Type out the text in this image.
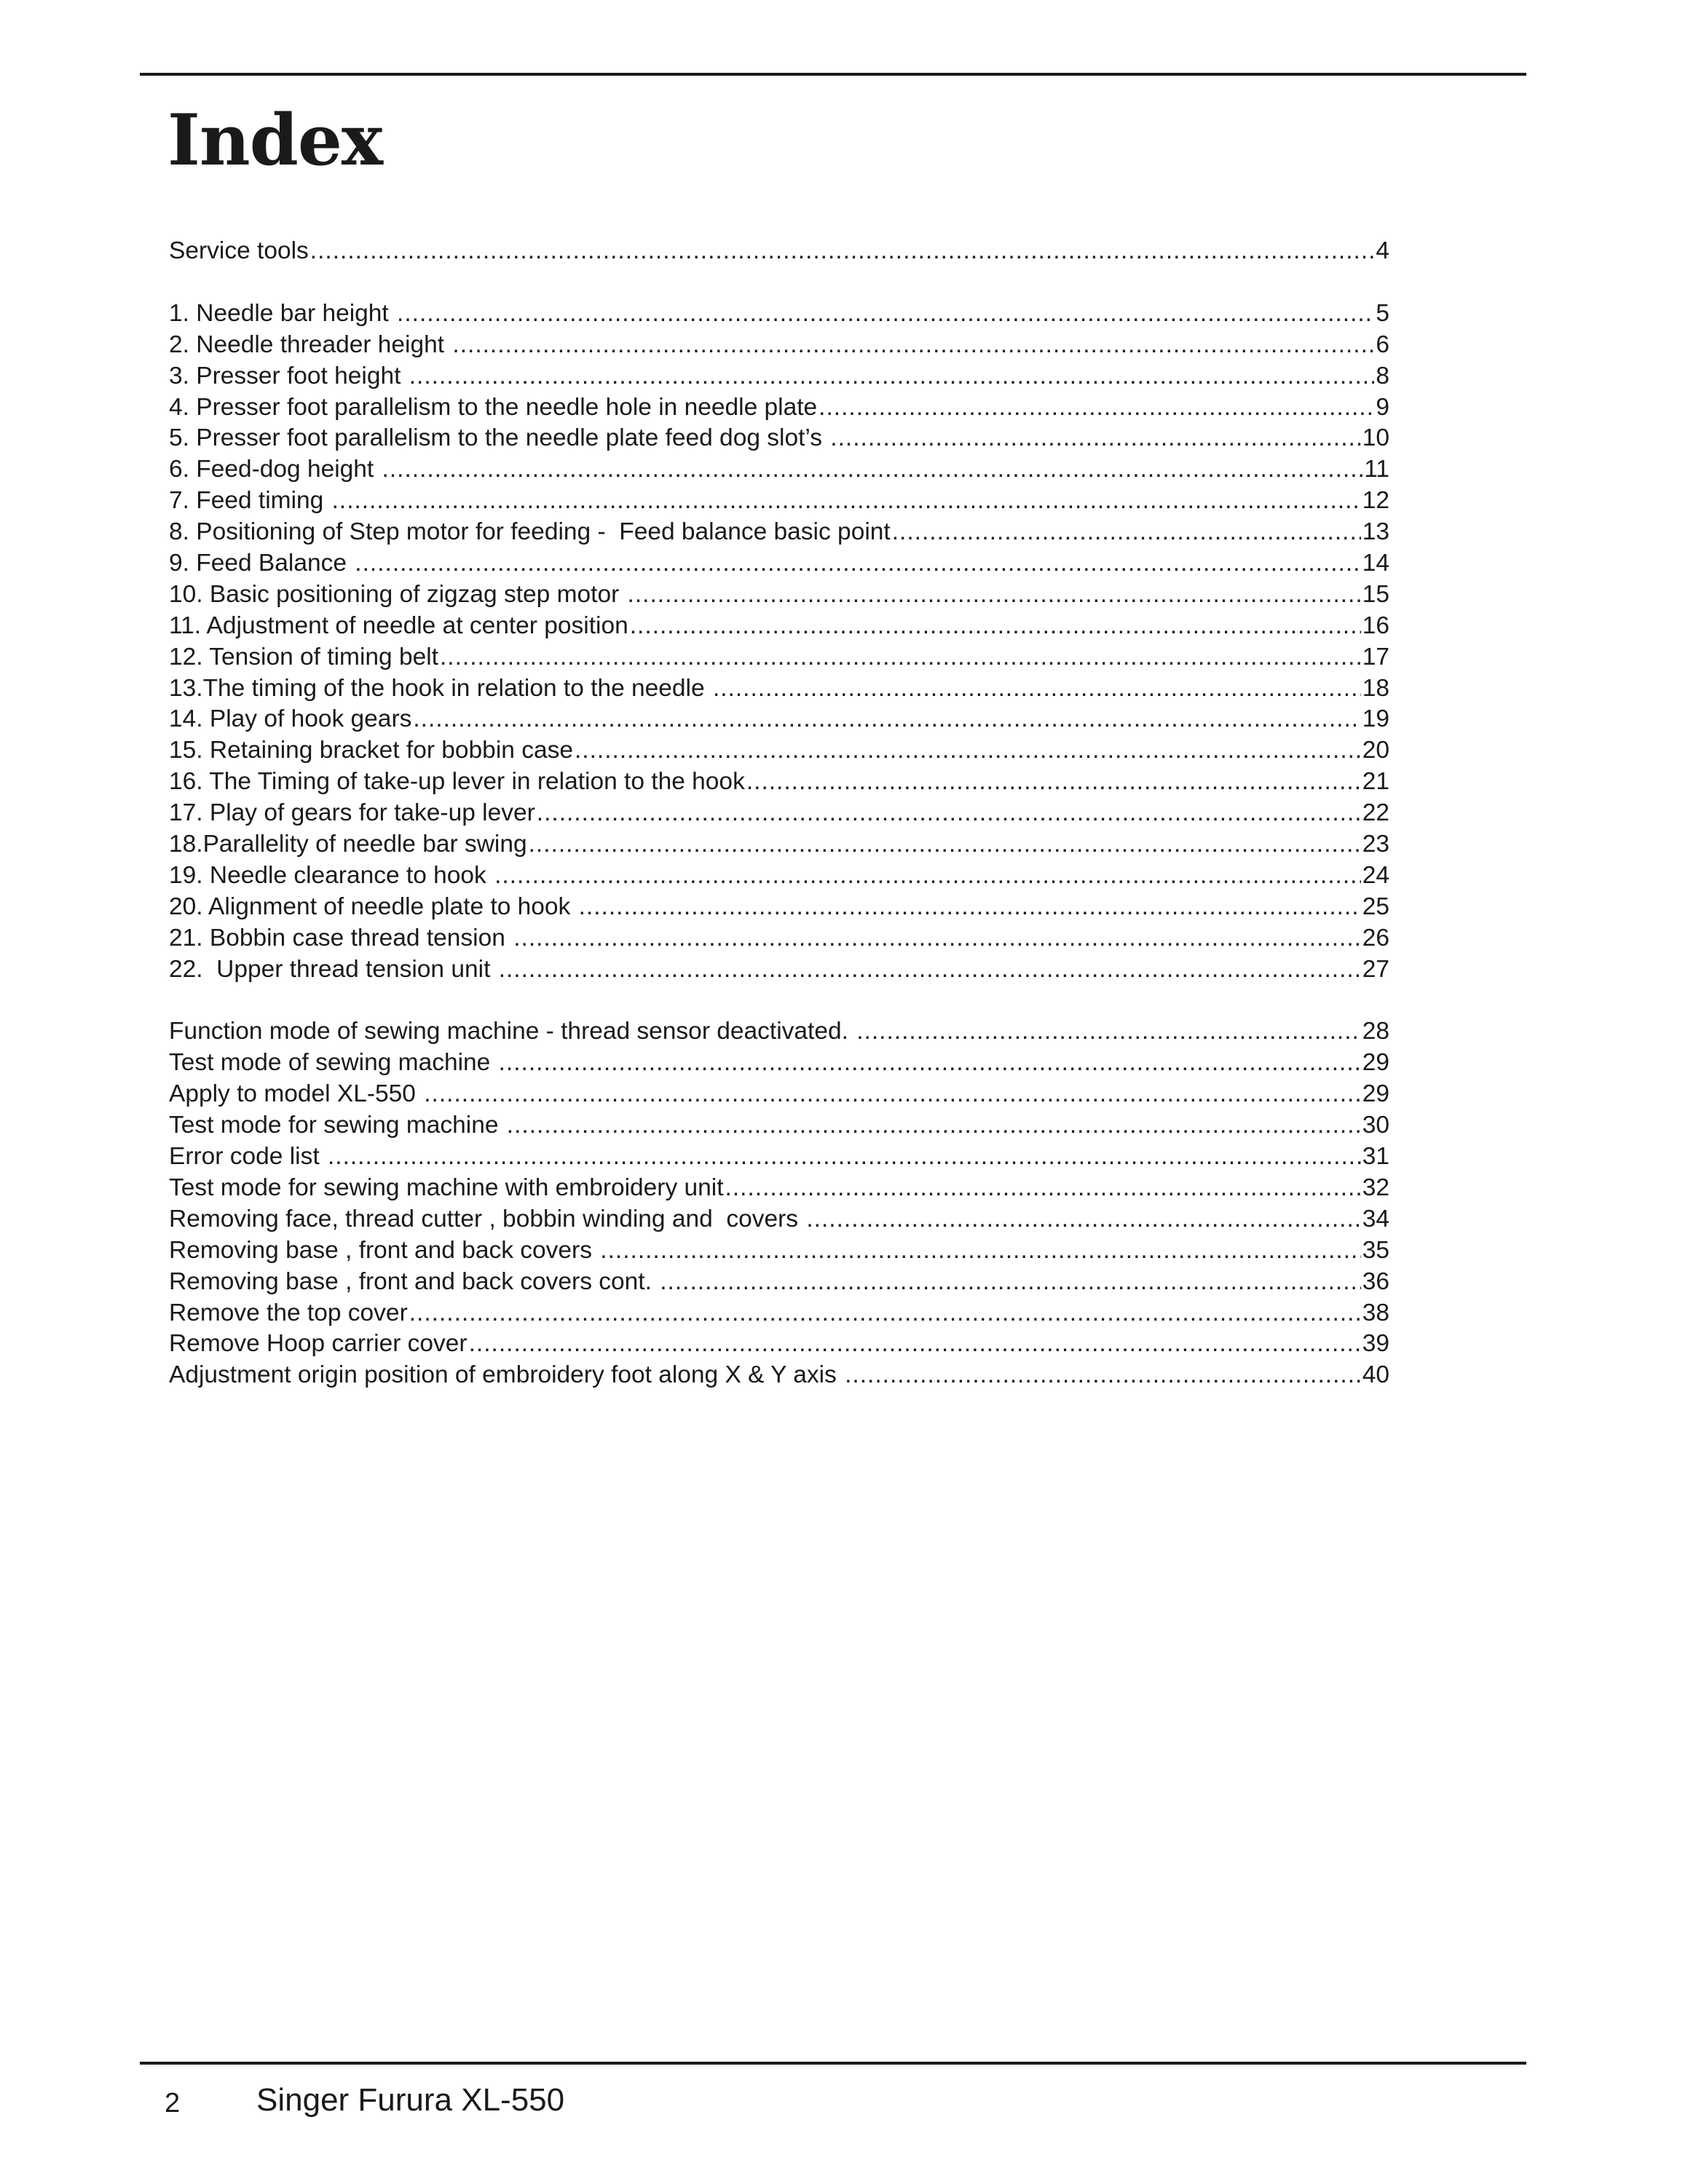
Index
Service tools .....	4
1. Needle bar height .....	5
2. Needle threader height .....	6
3. Presser foot height .....	8
4. Presser foot parallelism to the needle hole in needle plate .....	9
5. Presser foot parallelism to the needle plate feed dog slot’s .....	10
6. Feed-dog height .....	11
7. Feed timing .....	12
8. Positioning of Step motor for feeding -  Feed balance basic point .....	13
9. Feed Balance .....	14
10. Basic positioning of zigzag step motor .....	15
11. Adjustment of needle at center position .....	16
12. Tension of timing belt .....	17
13.The timing of the hook in relation to the needle .....	18
14. Play of hook gears .....	19
15. Retaining bracket for bobbin case .....	20
16. The Timing of take-up lever in relation to the hook .....	21
17. Play of gears for take-up lever .....	22
18.Parallelity of needle bar swing .....	23
19. Needle clearance to hook .....	24
20. Alignment of needle plate to hook .....	25
21. Bobbin case thread tension .....	26
22.  Upper thread tension unit .....	27
Function mode of sewing machine - thread sensor deactivated. .....	28
Test mode of sewing machine .....	29
Apply to model XL-550 .....	29
Test mode for sewing machine .....	30
Error code list .....	31
Test mode for sewing machine with embroidery unit .....	32
Removing face, thread cutter , bobbin winding and  covers .....	34
Removing base , front and back covers .....	35
Removing base , front and back covers cont. .....	36
Remove the top cover .....	38
Remove Hoop carrier cover .....	39
Adjustment origin position of embroidery foot along X & Y axis .....	40
2 Singer Furura XL-550
